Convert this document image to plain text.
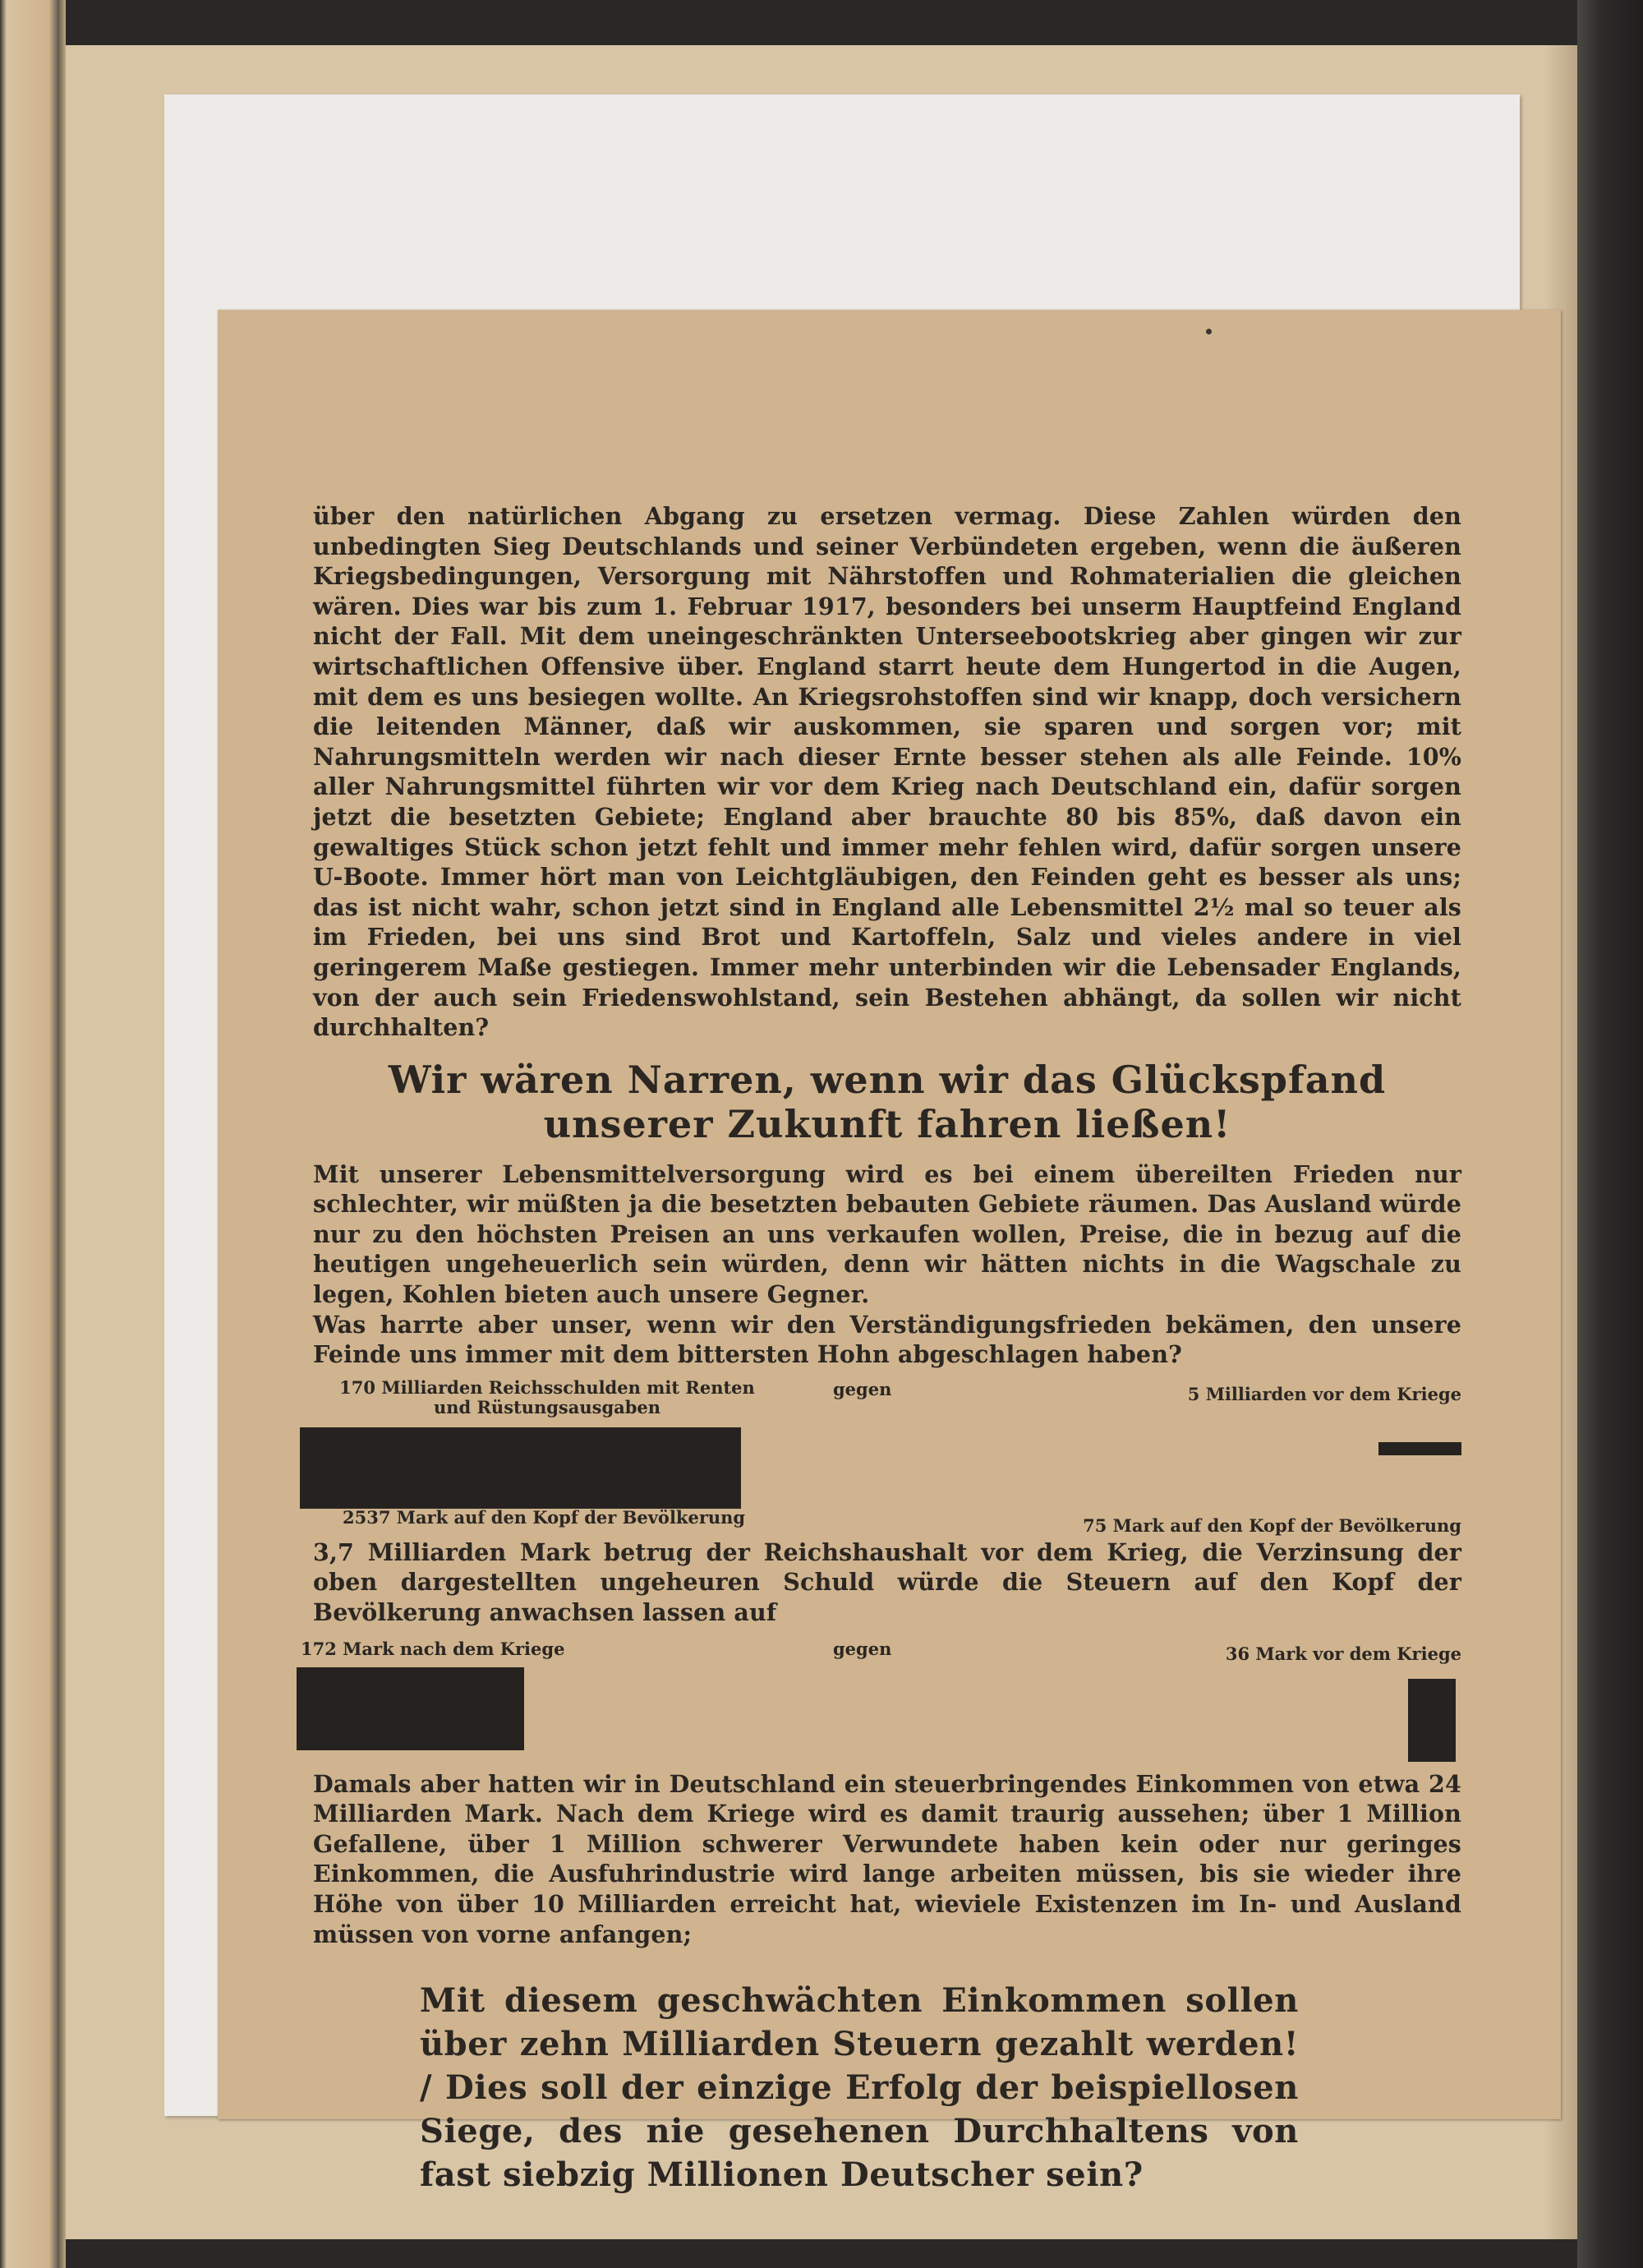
über den natürlichen Abgang zu ersetzen vermag. Diese Zahlen würden den unbedingten Sieg Deutschlands und seiner Verbündeten ergeben, wenn die äußeren Kriegsbedingungen, Versorgung mit Nährstoffen und Rohmaterialien die gleichen wären. Dies war bis zum 1. Februar 1917, besonders bei unserm Hauptfeind England nicht der Fall. Mit dem uneingeschränkten Unterseebootskrieg aber gingen wir zur wirtschaftlichen Offensive über. England starrt heute dem Hungertod in die Augen, mit dem es uns besiegen wollte. An Kriegsrohstoffen sind wir knapp, doch versichern die leitenden Männer, daß wir auskommen, sie sparen und sorgen vor; mit Nahrungsmitteln werden wir nach dieser Ernte besser stehen als alle Feinde. 10% aller Nahrungsmittel führten wir vor dem Krieg nach Deutschland ein, dafür sorgen jetzt die besetzten Gebiete; England aber brauchte 80 bis 85%, daß davon ein gewaltiges Stück schon jetzt fehlt und immer mehr fehlen wird, dafür sorgen unsere U-Boote. Immer hört man von Leichtgläubigen, den Feinden geht es besser als uns; das ist nicht wahr, schon jetzt sind in England alle Lebensmittel 2½ mal so teuer als im Frieden, bei uns sind Brot und Kartoffeln, Salz und vieles andere in viel geringerem Maße gestiegen. Immer mehr unterbinden wir die Lebensader Englands, von der auch sein Friedenswohlstand, sein Bestehen abhängt, da sollen wir nicht durchhalten?

Wir wären Narren, wenn wir das Glückspfand
unserer Zukunft fahren ließen!

Mit unserer Lebensmittelversorgung wird es bei einem übereilten Frieden nur schlechter, wir müßten ja die besetzten bebauten Gebiete räumen. Das Ausland würde nur zu den höchsten Preisen an uns verkaufen wollen, Preise, die in bezug auf die heutigen ungeheuerlich sein würden, denn wir hätten nichts in die Wagschale zu legen, Kohlen bieten auch unsere Gegner.

Was harrte aber unser, wenn wir den Verständigungsfrieden bekämen, den unsere Feinde uns immer mit dem bittersten Hohn abgeschlagen haben?

170 Milliarden Reichsschulden mit Renten
und Rüstungsausgaben
gegen	5 Milliarden vor dem Kriege
2537 Mark auf den Kopf der Bevölkerung	75 Mark auf den Kopf der Bevölkerung

3,7 Milliarden Mark betrug der Reichshaushalt vor dem Krieg, die Verzinsung der oben dargestellten ungeheuren Schuld würde die Steuern auf den Kopf der Bevölkerung anwachsen lassen auf

172 Mark nach dem Kriege	gegen	36 Mark vor dem Kriege

Damals aber hatten wir in Deutschland ein steuerbringendes Einkommen von etwa 24 Milliarden Mark. Nach dem Kriege wird es damit traurig aussehen; über 1 Million Gefallene, über 1 Million schwerer Verwundete haben kein oder nur geringes Einkommen, die Ausfuhrindustrie wird lange arbeiten müssen, bis sie wieder ihre Höhe von über 10 Milliarden erreicht hat, wieviele Existenzen im In- und Ausland müssen von vorne anfangen;

Mit diesem geschwächten Einkommen sollen über zehn Milliarden Steuern gezahlt werden! / Dies soll der einzige Erfolg der beispiellosen Siege, des nie gesehenen Durchhaltens von fast siebzig Millionen Deutscher sein?
